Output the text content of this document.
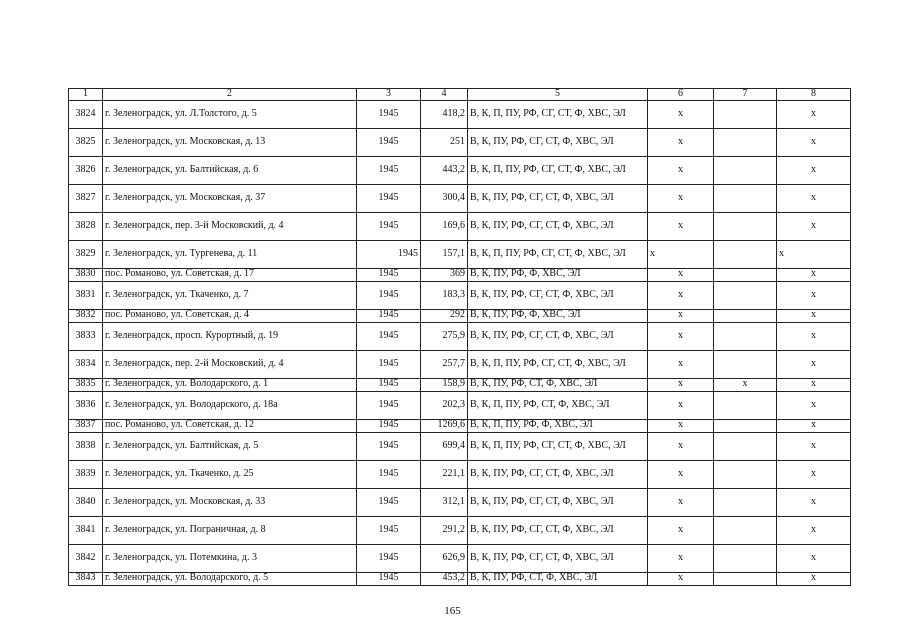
1	2	3	4	5	6	7	8
3824	г. Зеленоградск, ул. Л.Толстого, д. 5	1945	418,2	В, К, П, ПУ, РФ, СГ, СТ, Ф, ХВС, ЭЛ	x		x
3825	г. Зеленоградск, ул. Московская, д. 13	1945	251	В, К, ПУ, РФ, СГ, СТ, Ф, ХВС, ЭЛ	x		x
3826	г. Зеленоградск, ул. Балтийская, д. 6	1945	443,2	В, К, П, ПУ, РФ, СГ, СТ, Ф, ХВС, ЭЛ	x		x
3827	г. Зеленоградск, ул. Московская, д. 37	1945	300,4	В, К, ПУ, РФ, СГ, СТ, Ф, ХВС, ЭЛ	x		x
3828	г. Зеленоградск, пер. 3-й Московский, д. 4	1945	169,6	В, К, ПУ, РФ, СГ, СТ, Ф, ХВС, ЭЛ	x		x
3829	г. Зеленоградск, ул. Тургенева, д. 11	1945	157,1	В, К, П, ПУ, РФ, СГ, СТ, Ф, ХВС, ЭЛ	x		x
3830	пос. Романово, ул. Советская, д. 17	1945	369	В, К, ПУ, РФ, Ф, ХВС, ЭЛ	x		x
3831	г. Зеленоградск, ул. Ткаченко, д. 7	1945	183,3	В, К, ПУ, РФ, СГ, СТ, Ф, ХВС, ЭЛ	x		x
3832	пос. Романово, ул. Советская, д. 4	1945	292	В, К, ПУ, РФ, Ф, ХВС, ЭЛ	x		x
3833	г. Зеленоградск, просп. Курортный, д. 19	1945	275,9	В, К, ПУ, РФ, СГ, СТ, Ф, ХВС, ЭЛ	x		x
3834	г. Зеленоградск, пер. 2-й Московский, д. 4	1945	257,7	В, К, П, ПУ, РФ, СГ, СТ, Ф, ХВС, ЭЛ	x		x
3835	г. Зеленоградск, ул. Володарского, д. 1	1945	158,9	В, К, ПУ, РФ, СТ, Ф, ХВС, ЭЛ	x	x	x
3836	г. Зеленоградск, ул. Володарского, д. 18а	1945	202,3	В, К, П, ПУ, РФ, СТ, Ф, ХВС, ЭЛ	x		x
3837	пос. Романово, ул. Советская, д. 12	1945	1269,6	В, К, П, ПУ, РФ, Ф, ХВС, ЭЛ	x		x
3838	г. Зеленоградск, ул. Балтийская, д. 5	1945	699,4	В, К, П, ПУ, РФ, СГ, СТ, Ф, ХВС, ЭЛ	x		x
3839	г. Зеленоградск, ул. Ткаченко, д. 25	1945	221,1	В, К, ПУ, РФ, СГ, СТ, Ф, ХВС, ЭЛ	x		x
3840	г. Зеленоградск, ул. Московская, д. 33	1945	312,1	В, К, ПУ, РФ, СГ, СТ, Ф, ХВС, ЭЛ	x		x
3841	г. Зеленоградск, ул. Пограничная, д. 8	1945	291,2	В, К, ПУ, РФ, СГ, СТ, Ф, ХВС, ЭЛ	x		x
3842	г. Зеленоградск, ул. Потемкина, д. 3	1945	626,9	В, К, ПУ, РФ, СГ, СТ, Ф, ХВС, ЭЛ	x		x
3843	г. Зеленоградск, ул. Володарского, д. 5	1945	453,2	В, К, ПУ, РФ, СТ, Ф, ХВС, ЭЛ	x		x
165
